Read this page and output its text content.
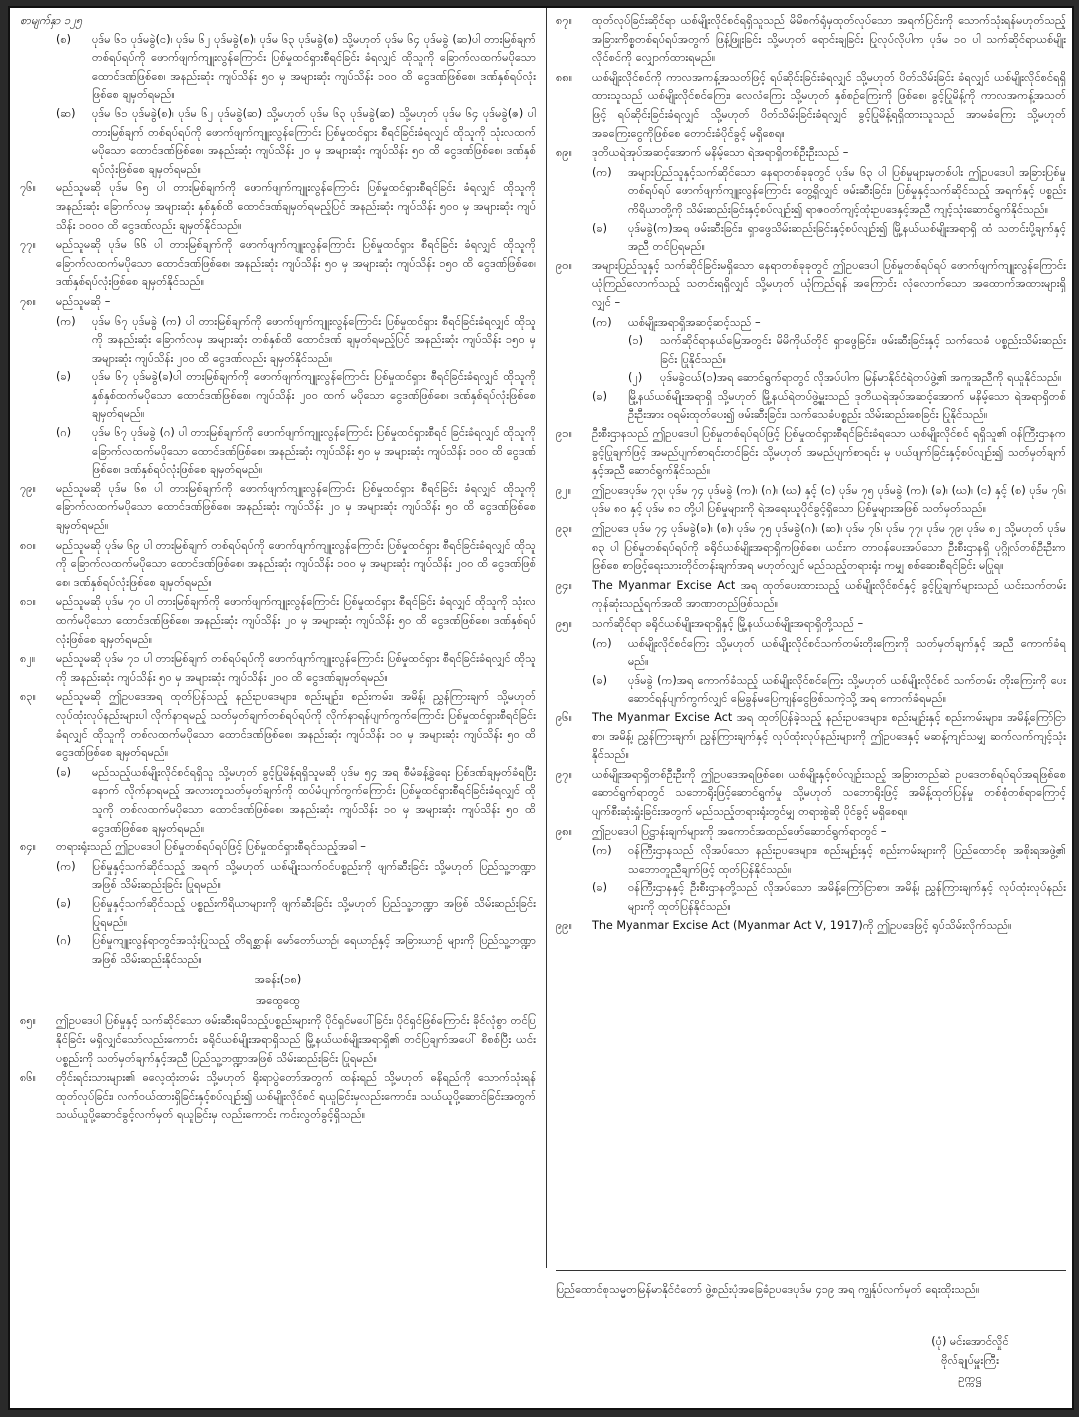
စာမျက်နှာ ၁၂၅
(စ)	ပုဒ်မ ၆၁ ပုဒ်မခွဲ(င)၊ ပုဒ်မ ၆၂ ပုဒ်မခွဲ(စ)၊ ပုဒ်မ ၆၃ ပုဒ်မခွဲ(စ) သို့မဟုတ် ပုဒ်မ ၆၄ ပုဒ်မခွဲ (ဆ)ပါ တားမြစ်ချက်တစ်ရပ်ရပ်ကို ဖောက်ဖျက်ကျူးလွန်ကြောင်း ပြစ်မှုထင်ရှားစီရင်ခြင်း ခံရလျှင် ထိုသူကို ခြောက်လထက်မပိုသော ထောင်ဒဏ်ဖြစ်စေ၊ အနည်းဆုံး ကျပ်သိန်း ၅၀ မှ အများဆုံး ကျပ်သိန်း ၁၀၀ ထိ ငွေဒဏ်ဖြစ်စေ၊ ဒဏ်နှစ်ရပ်လုံးဖြစ်စေ ချမှတ်ရမည်။
(ဆ)	ပုဒ်မ ၆၁ ပုဒ်မခွဲ(စ)၊ ပုဒ်မ ၆၂ ပုဒ်မခွဲ(ဆ) သို့မဟုတ် ပုဒ်မ ၆၃ ပုဒ်မခွဲ(ဆ) သို့မဟုတ် ပုဒ်မ ၆၄ ပုဒ်မခွဲ(ဇ) ပါ တားမြစ်ချက် တစ်ရပ်ရပ်ကို ဖောက်ဖျက်ကျူးလွန်ကြောင်း ပြစ်မှုထင်ရှား စီရင်ခြင်းခံရလျှင် ထိုသူကို သုံးလထက်မပိုသော ထောင်ဒဏ်ဖြစ်စေ၊ အနည်းဆုံး ကျပ်သိန်း ၂၀ မှ အများဆုံး ကျပ်သိန်း ၅၀ ထိ ငွေဒဏ်ဖြစ်စေ၊ ဒဏ်နှစ်ရပ်လုံးဖြစ်စေ ချမှတ်ရမည်။
၇၆။	မည်သူမဆို ပုဒ်မ ၆၅ ပါ တားမြစ်ချက်ကို ဖောက်ဖျက်ကျူးလွန်ကြောင်း ပြစ်မှုထင်ရှားစီရင်ခြင်း ခံရလျှင် ထိုသူကို အနည်းဆုံး ခြောက်လမှ အများဆုံး နှစ်နှစ်ထိ ထောင်ဒဏ်ချမှတ်ရမည့်ပြင် အနည်းဆုံး ကျပ်သိန်း ၅၀၀ မှ အများဆုံး ကျပ်သိန်း ၁၀၀၀ ထိ ငွေဒဏ်လည်း ချမှတ်နိုင်သည်။
၇၇။	မည်သူမဆို ပုဒ်မ ၆၆ ပါ တားမြစ်ချက်ကို ဖောက်ဖျက်ကျူးလွန်ကြောင်း ပြစ်မှုထင်ရှား စီရင်ခြင်း ခံရလျှင် ထိုသူကို ခြောက်လထက်မပိုသော ထောင်ဒဏ်ဖြစ်စေ၊ အနည်းဆုံး ကျပ်သိန်း ၅၀ မှ အများဆုံး ကျပ်သိန်း ၁၅၀ ထိ ငွေဒဏ်ဖြစ်စေ၊ ဒဏ်နှစ်ရပ်လုံးဖြစ်စေ ချမှတ်နိုင်သည်။
၇၈။	မည်သူမဆို –
(က)	ပုဒ်မ ၆၇ ပုဒ်မခွဲ (က) ပါ တားမြစ်ချက်ကို ဖောက်ဖျက်ကျူးလွန်ကြောင်း ပြစ်မှုထင်ရှား စီရင်ခြင်းခံရလျှင် ထိုသူကို အနည်းဆုံး ခြောက်လမှ အများဆုံး တစ်နှစ်ထိ ထောင်ဒဏ် ချမှတ်ရမည့်ပြင် အနည်းဆုံး ကျပ်သိန်း ၁၅၀ မှ အများဆုံး ကျပ်သိန်း ၂၀၀ ထိ ငွေဒဏ်လည်း ချမှတ်နိုင်သည်။
(ခ)	ပုဒ်မ ၆၇ ပုဒ်မခွဲ(ခ)ပါ တားမြစ်ချက်ကို ဖောက်ဖျက်ကျူးလွန်ကြောင်း ပြစ်မှုထင်ရှား စီရင်ခြင်းခံရလျှင် ထိုသူကို နှစ်နှစ်ထက်မပိုသော ထောင်ဒဏ်ဖြစ်စေ၊ ကျပ်သိန်း ၂၀၀ ထက် မပိုသော ငွေဒဏ်ဖြစ်စေ၊ ဒဏ်နှစ်ရပ်လုံးဖြစ်စေ ချမှတ်ရမည်။
(ဂ)	ပုဒ်မ ၆၇ ပုဒ်မခွဲ (ဂ) ပါ တားမြစ်ချက်ကို ဖောက်ဖျက်ကျူးလွန်ကြောင်း ပြစ်မှုထင်ရှားစီရင် ခြင်းခံရလျှင် ထိုသူကို ခြောက်လထက်မပိုသော ထောင်ဒဏ်ဖြစ်စေ၊ အနည်းဆုံး ကျပ်သိန်း ၅၀ မှ အများဆုံး ကျပ်သိန်း ၁၀၀ ထိ ငွေဒဏ်ဖြစ်စေ၊ ဒဏ်နှစ်ရပ်လုံးဖြစ်စေ ချမှတ်ရမည်။
၇၉။	မည်သူမဆို ပုဒ်မ ၆၈ ပါ တားမြစ်ချက်ကို ဖောက်ဖျက်ကျူးလွန်ကြောင်း ပြစ်မှုထင်ရှား စီရင်ခြင်း ခံရလျှင် ထိုသူကို ခြောက်လထက်မပိုသော ထောင်ဒဏ်ဖြစ်စေ၊ အနည်းဆုံး ကျပ်သိန်း ၂၀ မှ အများဆုံး ကျပ်သိန်း ၅၀ ထိ ငွေဒဏ်ဖြစ်စေ ချမှတ်ရမည်။
၈၀။	မည်သူမဆို ပုဒ်မ ၆၉ ပါ တားမြစ်ချက် တစ်ရပ်ရပ်ကို ဖောက်ဖျက်ကျူးလွန်ကြောင်း ပြစ်မှုထင်ရှား စီရင်ခြင်းခံရလျှင် ထိုသူကို ခြောက်လထက်မပိုသော ထောင်ဒဏ်ဖြစ်စေ၊ အနည်းဆုံး ကျပ်သိန်း ၁၀၀ မှ အများဆုံး ကျပ်သိန်း ၂၀၀ ထိ ငွေဒဏ်ဖြစ်စေ၊ ဒဏ်နှစ်ရပ်လုံးဖြစ်စေ ချမှတ်ရမည်။
၈၁။	မည်သူမဆို ပုဒ်မ ၇၀ ပါ တားမြစ်ချက်ကို ဖောက်ဖျက်ကျူးလွန်ကြောင်း ပြစ်မှုထင်ရှား စီရင်ခြင်း ခံရလျှင် ထိုသူကို သုံးလထက်မပိုသော ထောင်ဒဏ်ဖြစ်စေ၊ အနည်းဆုံး ကျပ်သိန်း ၂၀ မှ အများဆုံး ကျပ်သိန်း ၅၀ ထိ ငွေဒဏ်ဖြစ်စေ၊ ဒဏ်နှစ်ရပ်လုံးဖြစ်စေ ချမှတ်ရမည်။
၈၂။	မည်သူမဆို ပုဒ်မ ၇၁ ပါ တားမြစ်ချက် တစ်ရပ်ရပ်ကို ဖောက်ဖျက်ကျူးလွန်ကြောင်း ပြစ်မှုထင်ရှား စီရင်ခြင်းခံရလျှင် ထိုသူကို အနည်းဆုံး ကျပ်သိန်း ၅၀ မှ အများဆုံး ကျပ်သိန်း ၂၀၀ ထိ ငွေဒဏ်ချမှတ်ရမည်။
၈၃။	မည်သူမဆို ဤဥပဒေအရ ထုတ်ပြန်သည့် နည်းဥပဒေများ၊ စည်းမျဉ်း၊ စည်းကမ်း၊ အမိန့်၊ ညွှန်ကြားချက် သို့မဟုတ် လုပ်ထုံးလုပ်နည်းများပါ လိုက်နာရမည့် သတ်မှတ်ချက်တစ်ရပ်ရပ်ကို လိုက်နာရန်ပျက်ကွက်ကြောင်း ပြစ်မှုထင်ရှားစီရင်ခြင်း ခံရလျှင် ထိုသူကို တစ်လထက်မပိုသော ထောင်ဒဏ်ဖြစ်စေ၊ အနည်းဆုံး ကျပ်သိန်း ၁၀ မှ အများဆုံး ကျပ်သိန်း ၅၀ ထိ ငွေဒဏ်ဖြစ်စေ ချမှတ်ရမည်။
(ခ)	မည်သည့်ယစ်မျိုးလိုင်စင်ရရှိသူ သို့မဟုတ် ခွင့်ပြုမိန့်ရရှိသူမဆို ပုဒ်မ ၅၄ အရ စီမံခန့်ခွဲရေး ပြစ်ဒဏ်ချမှတ်ခံရပြီးနောက် လိုက်နာရမည့် အလားတူသတ်မှတ်ချက်ကို ထပ်မံပျက်ကွက်ကြောင်း ပြစ်မှုထင်ရှားစီရင်ခြင်းခံရလျှင် ထိုသူကို တစ်လထက်မပိုသော ထောင်ဒဏ်ဖြစ်စေ၊ အနည်းဆုံး ကျပ်သိန်း ၁၀ မှ အများဆုံး ကျပ်သိန်း ၅၀ ထိ ငွေဒဏ်ဖြစ်စေ ချမှတ်ရမည်။
၈၄။	တရားရုံးသည် ဤဥပဒေပါ ပြစ်မှုတစ်ရပ်ရပ်ဖြင့် ပြစ်မှုထင်ရှားစီရင်သည့်အခါ –
(က)	ပြစ်မှုနှင့်သက်ဆိုင်သည့် အရက် သို့မဟုတ် ယစ်မျိုးသက်ဝင်ပစ္စည်းကို ဖျက်ဆီးခြင်း သို့မဟုတ် ပြည်သူ့ဘဏ္ဍာအဖြစ် သိမ်းဆည်းခြင်း ပြုရမည်။
(ခ)	ပြစ်မှုနှင့်သက်ဆိုင်သည့် ပစ္စည်းကိရိယာများကို ဖျက်ဆီးခြင်း သို့မဟုတ် ပြည်သူ့ဘဏ္ဍာ အဖြစ် သိမ်းဆည်းခြင်း ပြုရမည်။
(ဂ)	ပြစ်မှုကျူးလွန်ရာတွင်အသုံးပြုသည့် တိရစ္ဆာန်၊ မော်တော်ယာဉ်၊ ရေယာဉ်နှင့် အခြားယာဉ် များကို ပြည်သူ့ဘဏ္ဍာအဖြစ် သိမ်းဆည်းနိုင်သည်။
အခန်း(၁၈)
အထွေထွေ
၈၅။	ဤဥပဒေပါ ပြစ်မှုနှင့် သက်ဆိုင်သော ဖမ်းဆီးရမိသည့်ပစ္စည်းများကို ပိုင်ရှင်မပေါ်ခြင်း၊ ပိုင်ရှင်ဖြစ်ကြောင်း ခိုင်လုံစွာ တင်ပြနိုင်ခြင်း မရှိလျှင်သော်လည်းကောင်း ခရိုင်ယစ်မျိုးအရာရှိသည် မြို့နယ်ယစ်မျိုးအရာရှိ၏ တင်ပြချက်အပေါ် စိစစ်ပြီး ယင်းပစ္စည်းကို သတ်မှတ်ချက်နှင့်အညီ ပြည်သူ့ဘဏ္ဍာအဖြစ် သိမ်းဆည်းခြင်း ပြုရမည်။
၈၆။	တိုင်းရင်းသားများ၏ ဓလေ့ထုံးတမ်း သို့မဟုတ် ရိုးရာပွဲတော်အတွက် ထန်းရည် သို့မဟုတ် ဓနိရည်ကို သောက်သုံးရန် ထုတ်လုပ်ခြင်း၊ လက်ဝယ်ထားရှိခြင်းနှင့်စပ်လျဉ်း၍ ယစ်မျိုးလိုင်စင် ရယူခြင်းမှလည်းကောင်း၊ သယ်ယူပို့ဆောင်ခြင်းအတွက် သယ်ယူပို့ဆောင်ခွင့်လက်မှတ် ရယူခြင်းမှ လည်းကောင်း ကင်းလွတ်ခွင့်ရှိသည်။
၈၇။	ထုတ်လုပ်ခြင်းဆိုင်ရာ ယစ်မျိုးလိုင်စင်ရရှိသူသည် မိမိစက်ရုံမှထုတ်လုပ်သော အရက်ပြင်းကို သောက်သုံးရန်မဟုတ်သည့် အခြားကိစ္စတစ်ရပ်ရပ်အတွက် ဖြန့်ဖြူးခြင်း သို့မဟုတ် ရောင်းချခြင်း ပြုလုပ်လိုပါက ပုဒ်မ ၁၀ ပါ သက်ဆိုင်ရာယစ်မျိုးလိုင်စင်ကို လျှောက်ထားရမည်။
၈၈။	ယစ်မျိုးလိုင်စင်ကို ကာလအကန့်အသတ်ဖြင့် ရပ်ဆိုင်းခြင်းခံရလျှင် သို့မဟုတ် ပိတ်သိမ်းခြင်း ခံရလျှင် ယစ်မျိုးလိုင်စင်ရရှိထားသူသည် ယစ်မျိုးလိုင်စင်ကြေး၊ လေလံကြေး သို့မဟုတ် နှစ်စဉ်ကြေးကို ဖြစ်စေ၊ ခွင့်ပြုမိန့်ကို ကာလအကန့်အသတ်ဖြင့် ရပ်ဆိုင်းခြင်းခံရလျှင် သို့မဟုတ် ပိတ်သိမ်းခြင်းခံရလျှင် ခွင့်ပြုမိန့်ရရှိထားသူသည် အာမခံကြေး သို့မဟုတ် အခကြေးငွေကိုဖြစ်စေ တောင်းခံပိုင်ခွင့် မရှိစေရ။
၈၉။	ဒုတိယရဲအုပ်အဆင့်အောက် မနိမ့်သော ရဲအရာရှိတစ်ဦးဦးသည် –
(က)	အများပြည်သူနှင့်သက်ဆိုင်သော နေရာတစ်ခုခုတွင် ပုဒ်မ ၆၃ ပါ ပြစ်မှုများမှတစ်ပါး ဤဥပဒေပါ အခြားပြစ်မှုတစ်ရပ်ရပ် ဖောက်ဖျက်ကျူးလွန်ကြောင်း တွေ့ရှိလျှင် ဖမ်းဆီးခြင်း၊ ပြစ်မှုနှင့်သက်ဆိုင်သည့် အရက်နှင့် ပစ္စည်းကိရိယာတို့ကို သိမ်းဆည်းခြင်းနှင့်စပ်လျဉ်း၍ ရာဇဝတ်ကျင့်ထုံးဥပဒေနှင့်အညီ ကျင့်သုံးဆောင်ရွက်နိုင်သည်။
(ခ)	ပုဒ်မခွဲ(က)အရ ဖမ်းဆီးခြင်း၊ ရှာဖွေသိမ်းဆည်းခြင်းနှင့်စပ်လျဉ်း၍ မြို့နယ်ယစ်မျိုးအရာရှိ ထံ သတင်းပို့ချက်နှင့်အညီ တင်ပြရမည်။
၉၀။	အများပြည်သူနှင့် သက်ဆိုင်ခြင်းမရှိသော နေရာတစ်ခုခုတွင် ဤဥပဒေပါ ပြစ်မှုတစ်ရပ်ရပ် ဖောက်ဖျက်ကျူးလွန်ကြောင်း ယုံကြည်လောက်သည့် သတင်းရရှိလျှင် သို့မဟုတ် ယုံကြည်ရန် အကြောင်း လုံလောက်သော အထောက်အထားများရှိလျှင် –
(က)	ယစ်မျိုးအရာရှိအဆင့်ဆင့်သည် –
(၁)	သက်ဆိုင်ရာနယ်မြေအတွင်း မိမိကိုယ်တိုင် ရှာဖွေခြင်း၊ ဖမ်းဆီးခြင်းနှင့် သက်သေခံ ပစ္စည်းသိမ်းဆည်းခြင်း ပြုနိုင်သည်။
(၂)	ပုဒ်မခွဲငယ်(၁)အရ ဆောင်ရွက်ရာတွင် လိုအပ်ပါက မြန်မာနိုင်ငံရဲတပ်ဖွဲ့၏ အကူအညီကို ရယူနိုင်သည်။
(ခ)	မြို့နယ်ယစ်မျိုးအရာရှိ သို့မဟုတ် မြို့နယ်ရဲတပ်ဖွဲ့မှူးသည် ဒုတိယရဲအုပ်အဆင့်အောက် မနိမ့်သော ရဲအရာရှိတစ်ဦးဦးအား ဝရမ်းထုတ်ပေး၍ ဖမ်းဆီးခြင်း၊ သက်သေခံပစ္စည်း သိမ်းဆည်းစေခြင်း ပြုနိုင်သည်။
၉၁။	ဦးစီးဌာနသည် ဤဥပဒေပါ ပြစ်မှုတစ်ရပ်ရပ်ဖြင့် ပြစ်မှုထင်ရှားစီရင်ခြင်းခံရသော ယစ်မျိုးလိုင်စင် ရရှိသူ၏ ဝန်ကြီးဌာနက ခွင့်ပြုချက်ဖြင့် အမည်ပျက်စာရင်းတင်ခြင်း သို့မဟုတ် အမည်ပျက်စာရင်း မှ ပယ်ဖျက်ခြင်းနှင့်စပ်လျဉ်း၍ သတ်မှတ်ချက်နှင့်အညီ ဆောင်ရွက်နိုင်သည်။
၉၂။	ဤဥပဒေပုဒ်မ ၇၃၊ ပုဒ်မ ၇၄ ပုဒ်မခွဲ (က)၊ (ဂ)၊ (ဃ) နှင့် (င) ပုဒ်မ ၇၅ ပုဒ်မခွဲ (က)၊ (ခ)၊ (ဃ)၊ (င) နှင့် (စ) ပုဒ်မ ၇၆၊ ပုဒ်မ ၈၀ နှင့် ပုဒ်မ ၈၁ တို့ပါ ပြစ်မှုများကို ရဲအရေးယူပိုင်ခွင့်ရှိသော ပြစ်မှုများအဖြစ် သတ်မှတ်သည်။
၉၃။	ဤဥပဒေ ပုဒ်မ ၇၄ ပုဒ်မခွဲ(ခ)၊ (စ)၊ ပုဒ်မ ၇၅ ပုဒ်မခွဲ(ဂ)၊ (ဆ)၊ ပုဒ်မ ၇၆၊ ပုဒ်မ ၇၇၊ ပုဒ်မ ၇၉၊ ပုဒ်မ ၈၂ သို့မဟုတ် ပုဒ်မ ၈၃ ပါ ပြစ်မှုတစ်ရပ်ရပ်ကို ခရိုင်ယစ်မျိုးအရာရှိကဖြစ်စေ၊ ယင်းက တာဝန်ပေးအပ်သော ဦးစီးဌာနရှိ ပုဂ္ဂိုလ်တစ်ဦးဦးကဖြစ်စေ စာဖြင့်ရေးသားတိုင်တန်းချက်အရ မဟုတ်လျှင် မည်သည့်တရားရုံး ကမျှ စစ်ဆေးစီရင်ခြင်း မပြုရ။
၉၄။	The Myanmar Excise Act အရ ထုတ်ပေးထားသည့် ယစ်မျိုးလိုင်စင်နှင့် ခွင့်ပြုချက်များသည် ယင်းသက်တမ်းကုန်ဆုံးသည့်ရက်အထိ အာဏာတည်ဖြစ်သည်။
၉၅။	သက်ဆိုင်ရာ ခရိုင်ယစ်မျိုးအရာရှိနှင့် မြို့နယ်ယစ်မျိုးအရာရှိတို့သည် –
(က)	ယစ်မျိုးလိုင်စင်ကြေး သို့မဟုတ် ယစ်မျိုးလိုင်စင်သက်တမ်းတိုးကြေးကို သတ်မှတ်ချက်နှင့် အညီ ကောက်ခံရမည်။
(ခ)	ပုဒ်မခွဲ (က)အရ ကောက်ခံသည့် ယစ်မျိုးလိုင်စင်ကြေး သို့မဟုတ် ယစ်မျိုးလိုင်စင် သက်တမ်း တိုးကြေးကို ပေးဆောင်ရန်ပျက်ကွက်လျှင် မြေခွန်မပြေကျန်ငွေဖြစ်သကဲ့သို့ အရ ကောက်ခံရမည်။
၉၆။	The Myanmar Excise Act အရ ထုတ်ပြန်ခဲ့သည့် နည်းဥပဒေများ၊ စည်းမျဉ်းနှင့် စည်းကမ်းများ၊ အမိန့်ကြော်ငြာစာ၊ အမိန့်၊ ညွှန်ကြားချက်၊ ညွှန်ကြားချက်နှင့် လုပ်ထုံးလုပ်နည်းများကို ဤဥပဒေနှင့် မဆန့်ကျင်သမျှ ဆက်လက်ကျင့်သုံးနိုင်သည်။
၉၇။	ယစ်မျိုးအရာရှိတစ်ဦးဦးကို ဤဥပဒေအရဖြစ်စေ၊ ယစ်မျိုးနှင့်စပ်လျဉ်းသည့် အခြားတည်ဆဲ ဥပဒေတစ်ရပ်ရပ်အရဖြစ်စေ ဆောင်ရွက်ရာတွင် သဘောရိုးဖြင့်ဆောင်ရွက်မှု သို့မဟုတ် သဘောရိုးဖြင့် အမိန့်ထုတ်ပြန်မှု တစ်စုံတစ်ရာကြောင့် ပျက်စီးဆုံးရှုံးခြင်းအတွက် မည်သည့်တရားရုံးတွင်မျှ တရားစွဲဆို ပိုင်ခွင့် မရှိစေရ။
၉၈။	ဤဥပဒေပါ ပြဋ္ဌာန်းချက်များကို အကောင်အထည်ဖော်ဆောင်ရွက်ရာတွင် –
(က)	ဝန်ကြီးဌာနသည် လိုအပ်သော နည်းဥပဒေများ၊ စည်းမျဉ်းနှင့် စည်းကမ်းများကို ပြည်ထောင်စု အစိုးရအဖွဲ့၏ သဘောတူညီချက်ဖြင့် ထုတ်ပြန်နိုင်သည်။
(ခ)	ဝန်ကြီးဌာနနှင့် ဦးစီးဌာနတို့သည် လိုအပ်သော အမိန့်ကြော်ငြာစာ၊ အမိန့်၊ ညွှန်ကြားချက်နှင့် လုပ်ထုံးလုပ်နည်းများကို ထုတ်ပြန်နိုင်သည်။
၉၉။	The Myanmar Excise Act (Myanmar Act V, 1917)ကို ဤဥပဒေဖြင့် ရုပ်သိမ်းလိုက်သည်။
ပြည်ထောင်စုသမ္မတမြန်မာနိုင်ငံတော် ဖွဲ့စည်းပုံအခြေခံဥပဒေပုဒ်မ ၄၁၉ အရ ကျွန်ုပ်လက်မှတ် ရေးထိုးသည်။
(ပုံ) မင်းအောင်လှိုင်
ဗိုလ်ချုပ်မှူးကြီး
ဥက္ကဋ္ဌ
